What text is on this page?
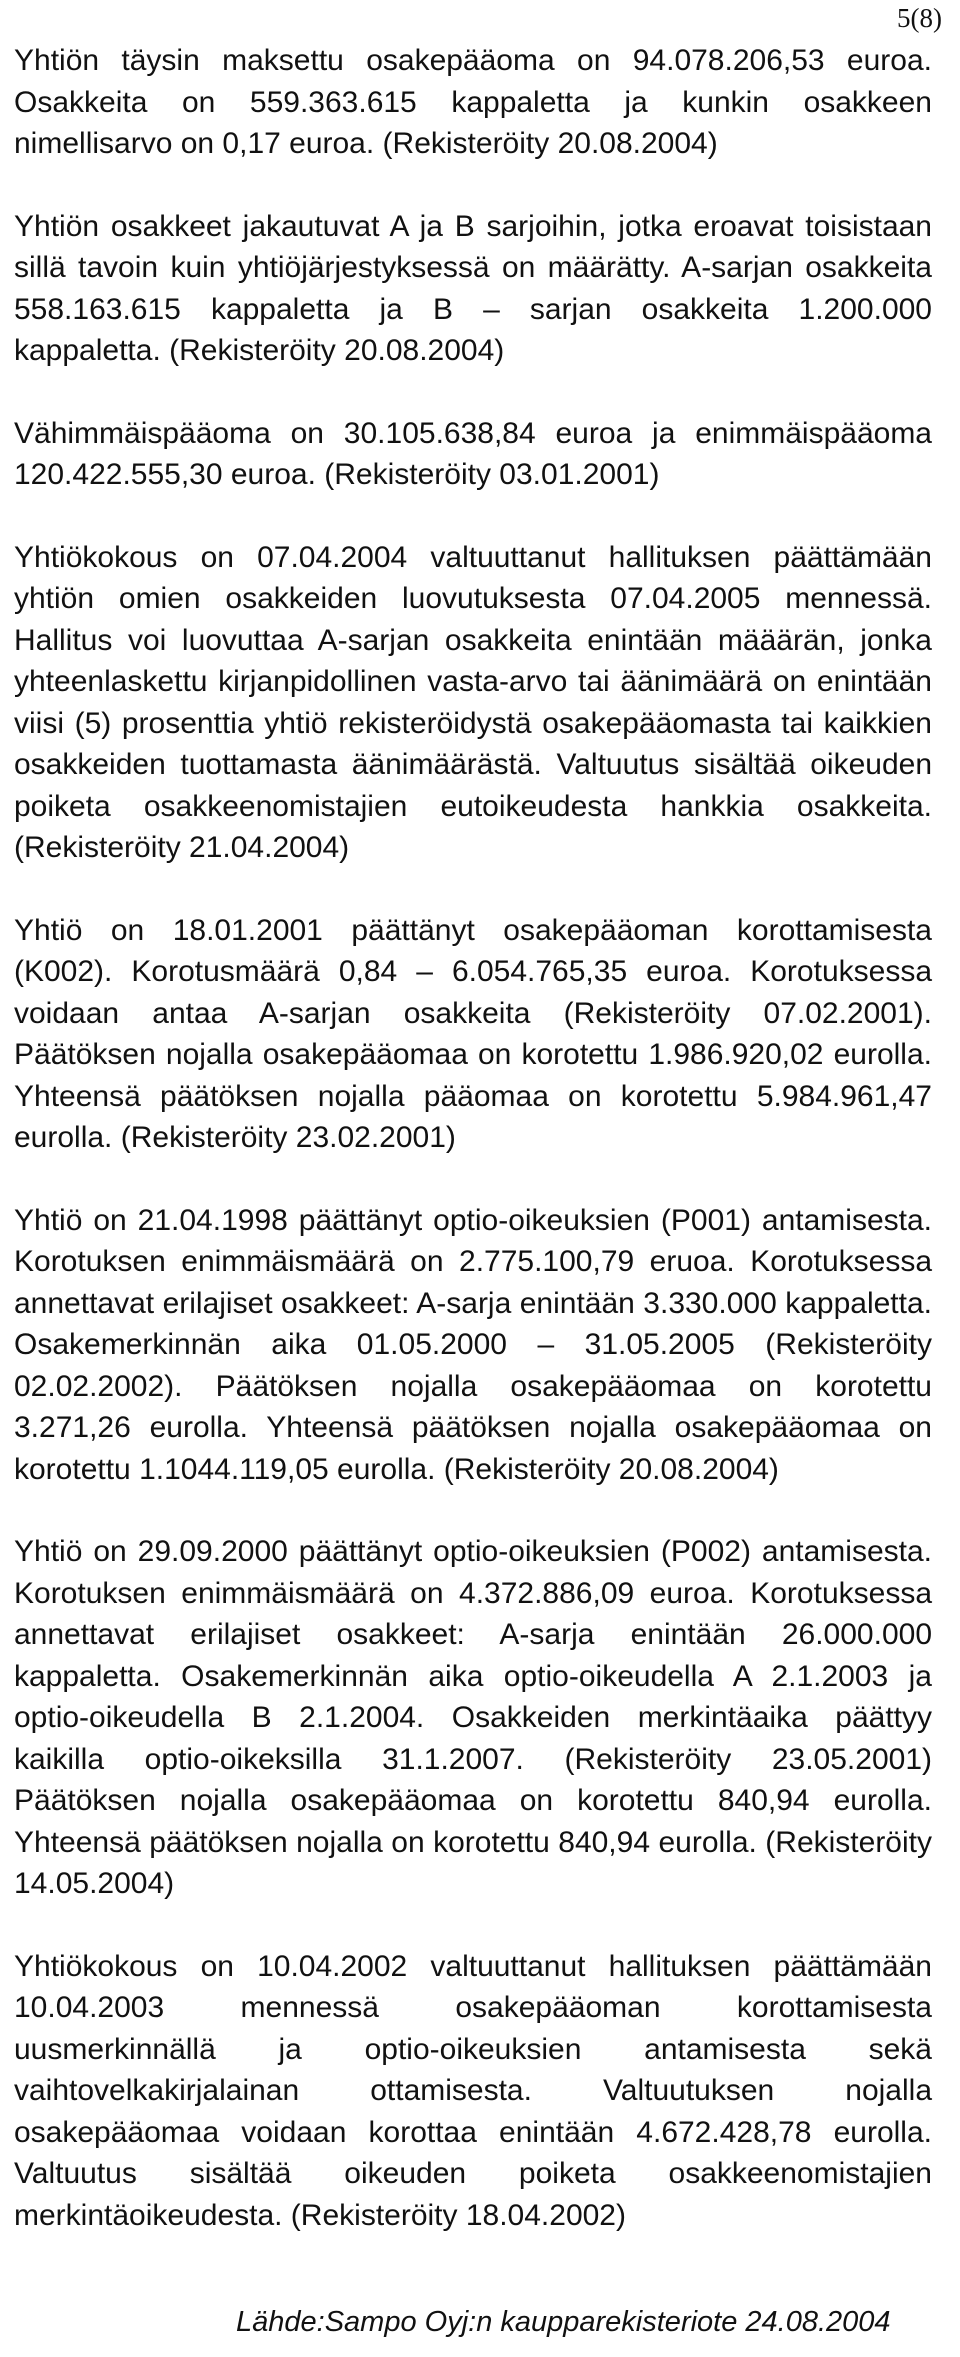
5(8)

Yhtiön täysin maksettu osakepääoma on 94.078.206,53 euroa. Osakkeita on 559.363.615 kappaletta ja kunkin osakkeen nimellisarvo on 0,17 euroa. (Rekisteröity 20.08.2004)

Yhtiön osakkeet jakautuvat A ja B sarjoihin, jotka eroavat toisistaan sillä tavoin kuin yhtiöjärjestyksessä on määrätty. A-sarjan osakkeita 558.163.615 kappaletta ja B – sarjan osakkeita 1.200.000 kappaletta. (Rekisteröity 20.08.2004)

Vähimmäispääoma on 30.105.638,84 euroa ja enimmäispääoma 120.422.555,30 euroa. (Rekisteröity 03.01.2001)

Yhtiökokous on 07.04.2004 valtuuttanut hallituksen päättämään yhtiön omien osakkeiden luovutuksesta 07.04.2005 mennessä. Hallitus voi luovuttaa A-sarjan osakkeita enintään määärän, jonka yhteenlaskettu kirjanpidollinen vasta-arvo tai äänimäärä on enintään viisi (5) prosenttia yhtiö rekisteröidystä osakepääomasta tai kaikkien osakkeiden tuottamasta äänimäärästä. Valtuutus sisältää oikeuden poiketa osakkeenomistajien eutoikeudesta hankkia osakkeita. (Rekisteröity 21.04.2004)

Yhtiö on 18.01.2001 päättänyt osakepääoman korottamisesta (K002). Korotusmäärä 0,84 – 6.054.765,35 euroa. Korotuksessa voidaan antaa A-sarjan osakkeita (Rekisteröity 07.02.2001). Päätöksen nojalla osakepääomaa on korotettu 1.986.920,02 eurolla. Yhteensä päätöksen nojalla pääomaa on korotettu 5.984.961,47 eurolla. (Rekisteröity 23.02.2001)

Yhtiö on 21.04.1998 päättänyt optio-oikeuksien (P001) antamisesta. Korotuksen enimmäismäärä on 2.775.100,79 eruoa. Korotuksessa annettavat erilajiset osakkeet: A-sarja enintään 3.330.000 kappaletta. Osakemerkinnän aika 01.05.2000 – 31.05.2005 (Rekisteröity 02.02.2002). Päätöksen nojalla osakepääomaa on korotettu 3.271,26 eurolla. Yhteensä päätöksen nojalla osakepääomaa on korotettu 1.1044.119,05 eurolla. (Rekisteröity 20.08.2004)

Yhtiö on 29.09.2000 päättänyt optio-oikeuksien (P002) antamisesta. Korotuksen enimmäismäärä on 4.372.886,09 euroa. Korotuksessa annettavat erilajiset osakkeet: A-sarja enintään 26.000.000 kappaletta. Osakemerkinnän aika optio-oikeudella A 2.1.2003 ja optio-oikeudella B 2.1.2004. Osakkeiden merkintäaika päättyy kaikilla optio-oikeksilla 31.1.2007. (Rekisteröity 23.05.2001) Päätöksen nojalla osakepääomaa on korotettu 840,94 eurolla. Yhteensä päätöksen nojalla on korotettu 840,94 eurolla. (Rekisteröity 14.05.2004)

Yhtiökokous on 10.04.2002 valtuuttanut hallituksen päättämään 10.04.2003 mennessä osakepääoman korottamisesta uusmerkinnällä ja optio-oikeuksien antamisesta sekä vaihtovelkakirjalainan ottamisesta. Valtuutuksen nojalla osakepääomaa voidaan korottaa enintään 4.672.428,78 eurolla. Valtuutus sisältää oikeuden poiketa osakkeenomistajien merkintäoikeudesta. (Rekisteröity 18.04.2002)

Lähde:Sampo Oyj:n kaupparekisteriote 24.08.2004
